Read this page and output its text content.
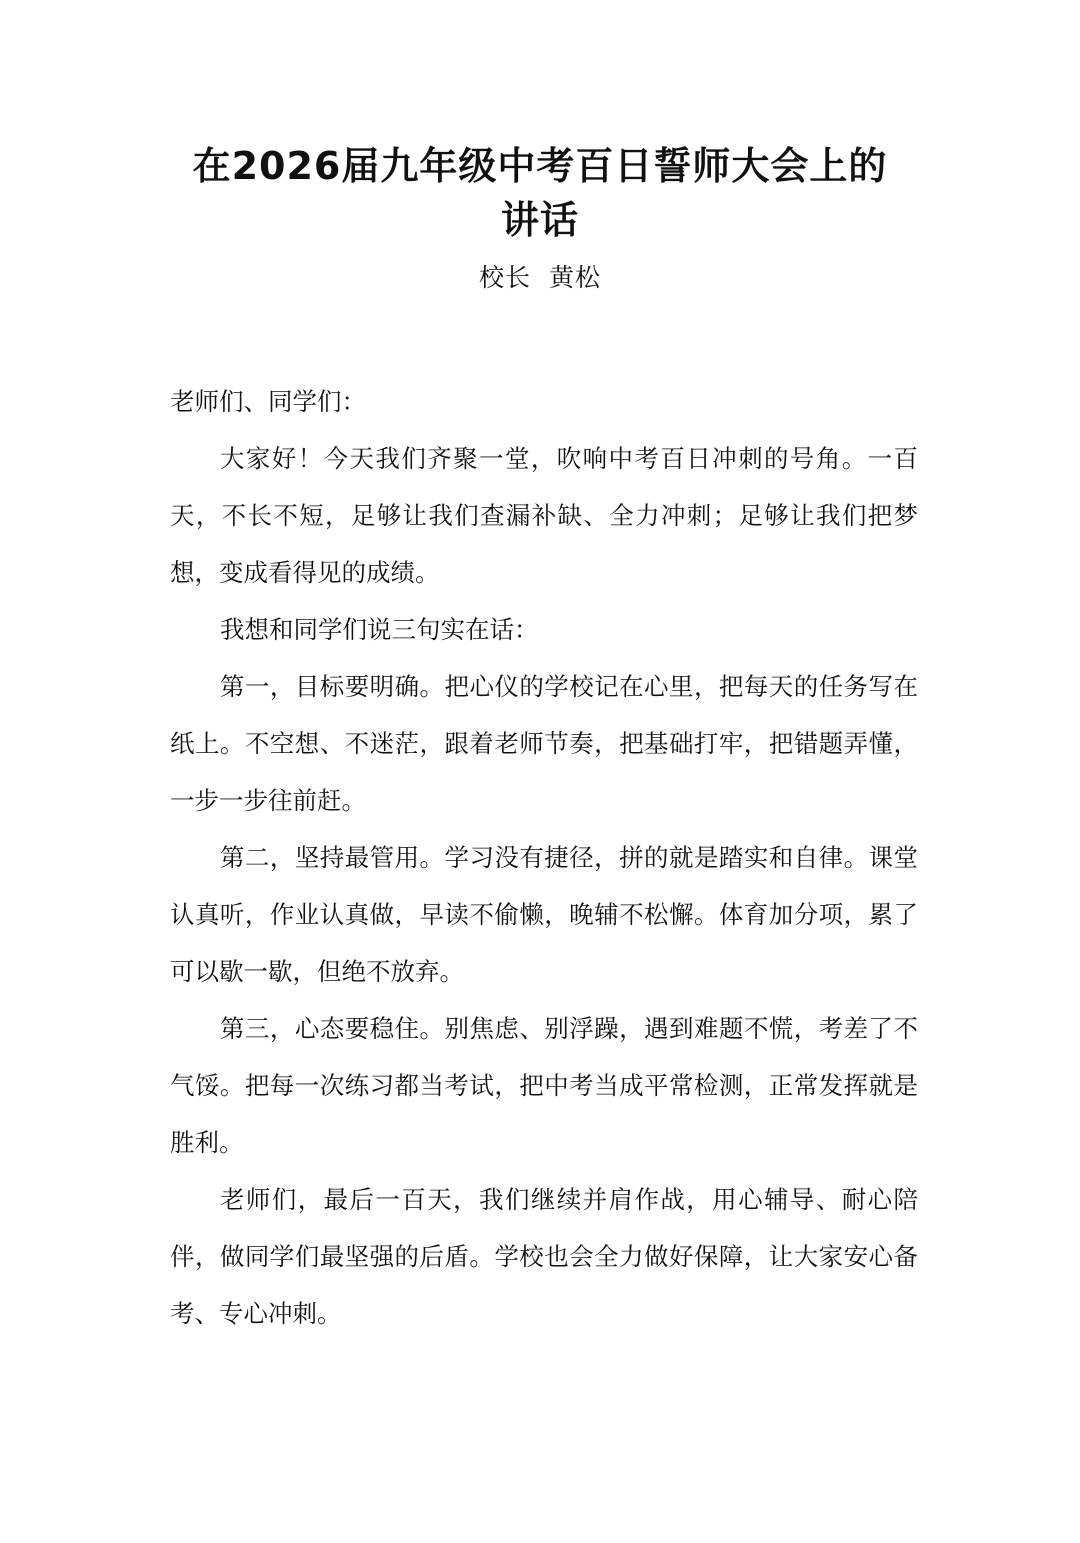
在2026届九年级中考百日誓师大会上的
讲话
校长  黄松

老师们、同学们：

大家好！今天我们齐聚一堂，吹响中考百日冲刺的号角。一百天，不长不短，足够让我们查漏补缺、全力冲刺；足够让我们把梦想，变成看得见的成绩。

我想和同学们说三句实在话：

第一，目标要明确。把心仪的学校记在心里，把每天的任务写在纸上。不空想、不迷茫，跟着老师节奏，把基础打牢，把错题弄懂，一步一步往前赶。

第二，坚持最管用。学习没有捷径，拼的就是踏实和自律。课堂认真听，作业认真做，早读不偷懒，晚辅不松懈。体育加分项，累了可以歇一歇，但绝不放弃。

第三，心态要稳住。别焦虑、别浮躁，遇到难题不慌，考差了不气馁。把每一次练习都当考试，把中考当成平常检测，正常发挥就是胜利。

老师们，最后一百天，我们继续并肩作战，用心辅导、耐心陪伴，做同学们最坚强的后盾。学校也会全力做好保障，让大家安心备考、专心冲刺。
